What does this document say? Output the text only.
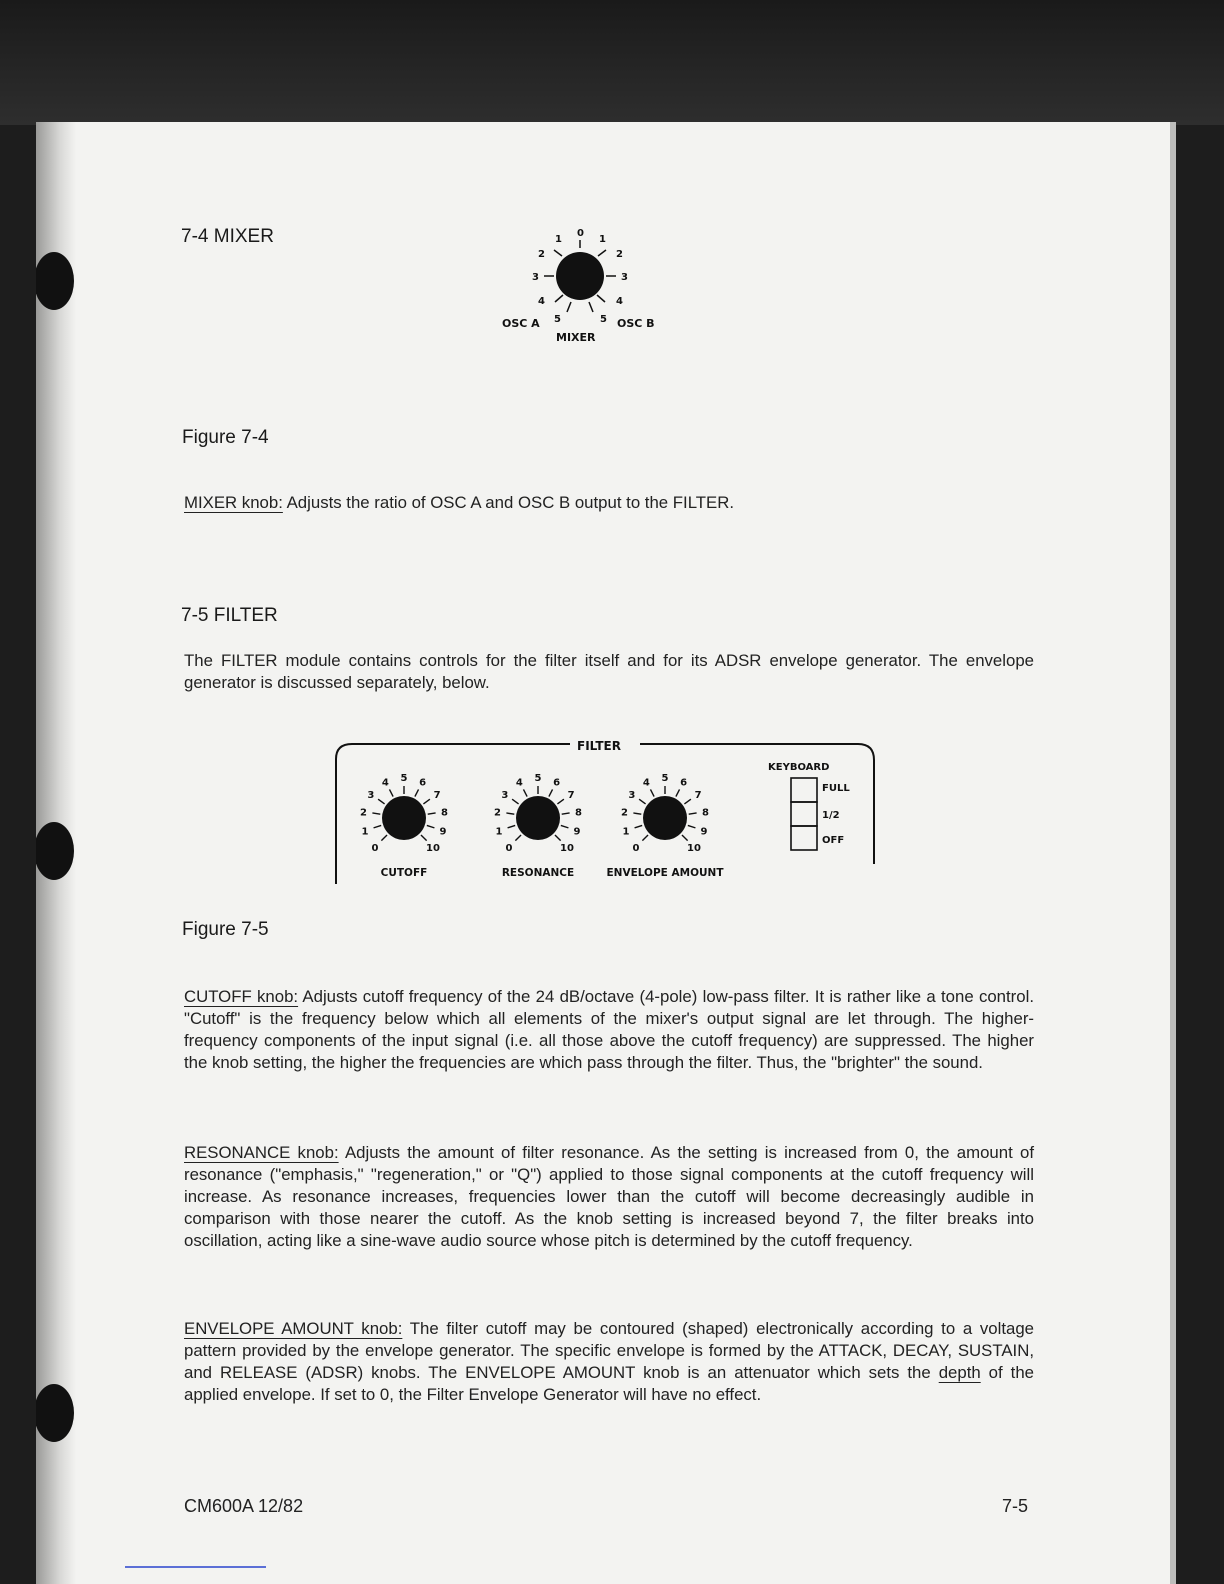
7-4 MIXER	0
1	1
2	2
3	3
4	4
5	5
OSC A	OSC B
MIXER
FILTER
0
1
2
3
4 5 6
7
8
9
10
CUTOFF
0
1
2
3
4 5 6
7
8
9
10
RESONANCE
0
1
2
3
4 5 6
7
8
9
10
ENVELOPE AMOUNT
KEYBOARD
FULL
1/2
OFF
Figure 7-4
MIXER knob: Adjusts the ratio of OSC A and OSC B output to the FILTER.
7-5 FILTER
The FILTER module contains controls for the filter itself and for its ADSR envelope generator. The envelope generator is discussed separately, below.
Figure 7-5
CUTOFF knob: Adjusts cutoff frequency of the 24 dB/octave (4-pole) low-pass filter. It is rather like a tone control. "Cutoff" is the frequency below which all elements of the mixer's output signal are let through. The higher-frequency components of the input signal (i.e. all those above the cutoff frequency) are suppressed. The higher the knob setting, the higher the frequencies are which pass through the filter. Thus, the "brighter" the sound.
RESONANCE knob: Adjusts the amount of filter resonance. As the setting is increased from 0, the amount of resonance ("emphasis," "regeneration," or "Q") applied to those signal components at the cutoff frequency will increase. As resonance increases, frequencies lower than the cutoff will become decreasingly audible in comparison with those nearer the cutoff. As the knob setting is increased beyond 7, the filter breaks into oscillation, acting like a sine-wave audio source whose pitch is determined by the cutoff frequency.
ENVELOPE AMOUNT knob: The filter cutoff may be contoured (shaped) electronically according to a voltage pattern provided by the envelope generator. The specific envelope is formed by the ATTACK, DECAY, SUSTAIN, and RELEASE (ADSR) knobs. The ENVELOPE AMOUNT knob is an attenuator which sets the depth of the applied envelope. If set to 0, the Filter Envelope Generator will have no effect.
CM600A 12/82	7-5
